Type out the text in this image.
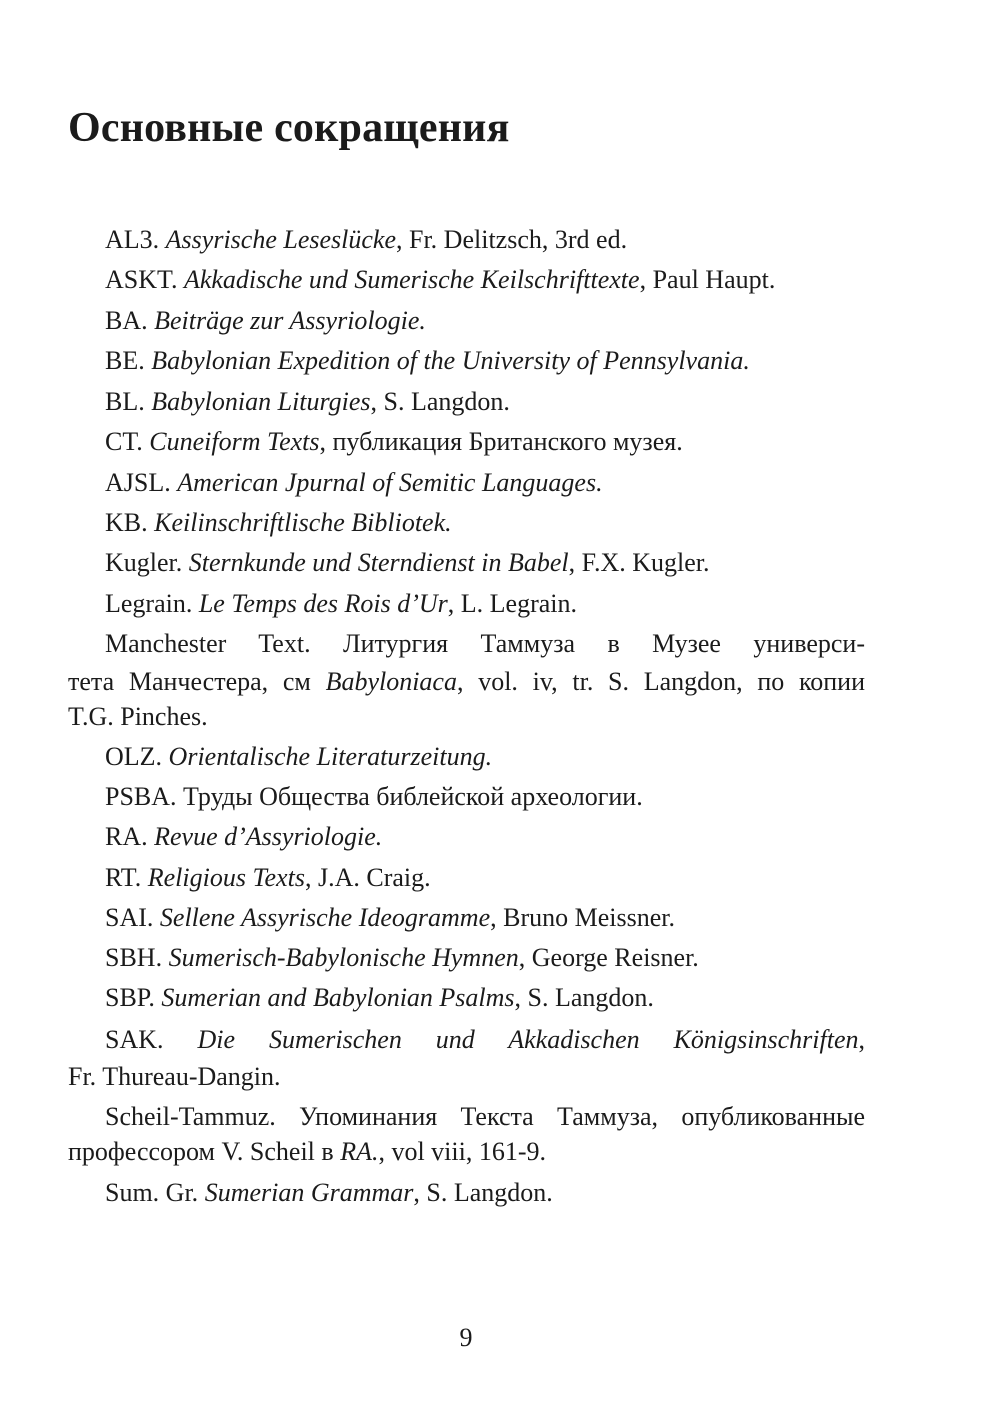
Основные сокращения
AL3. Assyrische Leseslücke, Fr. Delitzsch, 3rd ed.
ASKT. Akkadische und Sumerische Keilschrifttexte, Paul Haupt.
BA. Beiträge zur Assyriologie.
BE. Babylonian Expedition of the University of Pennsylvania.
BL. Babylonian Liturgies, S. Langdon.
CT. Cuneiform Texts, публикация Британского музея.
AJSL. American Jpurnal of Semitic Languages.
KB. Keilinschriftlische Bibliotek.
Kugler. Sternkunde und Sterndienst in Babel, F.X. Kugler.
Legrain. Le Temps des Rois d’Ur, L. Legrain.
Manchester Text. Литургия Таммуза в Музее универси-
тета Манчестера, см Babyloniaca, vol. iv, tr. S. Langdon, по копии
T.G. Pinches.
OLZ. Orientalische Literaturzeitung.
PSBA. Труды Общества библейской археологии.
RA. Revue d’Assyriologie.
RT. Religious Texts, J.A. Craig.
SAI. Sellene Assyrische Ideogramme, Bruno Meissner.
SBH. Sumerisch-Babylonische Hymnen, George Reisner.
SBP. Sumerian and Babylonian Psalms, S. Langdon.
SAK. Die Sumerischen und Akkadischen Königsinschriften,
Fr. Thureau-Dangin.
Scheil-Tammuz. Упоминания Текста Таммуза, опубликованные
профессором V. Scheil в RA., vol viii, 161-9.
Sum. Gr. Sumerian Grammar, S. Langdon.
9
